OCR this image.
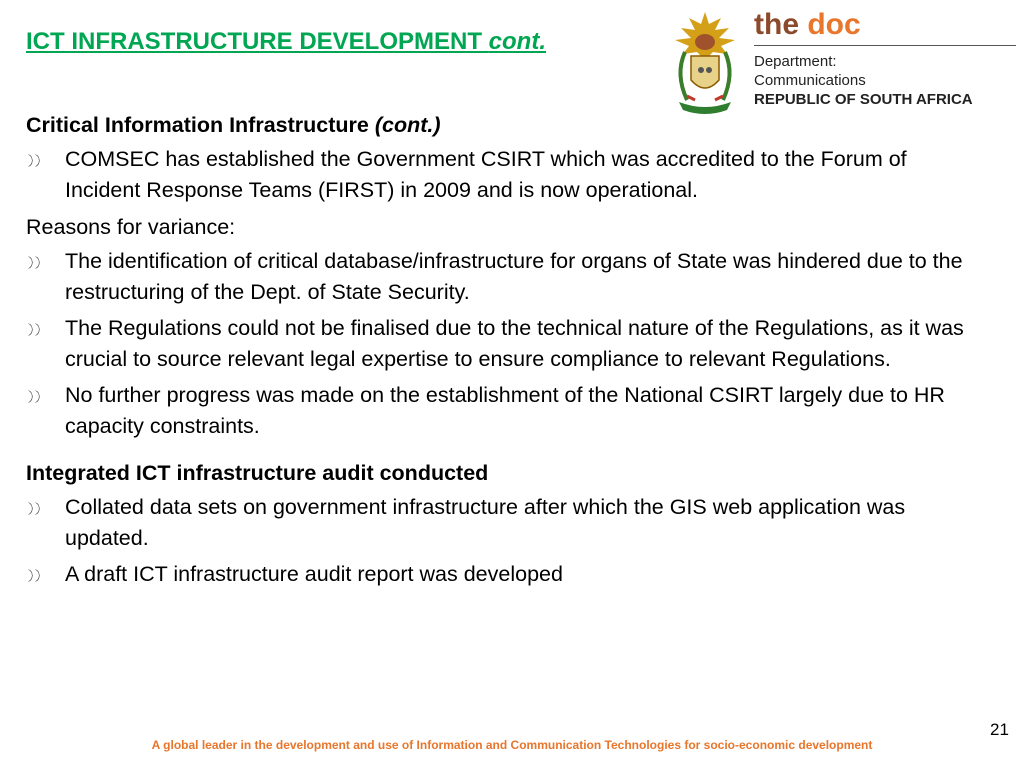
ICT INFRASTRUCTURE DEVELOPMENT cont.
the doc
Department:
Communications
REPUBLIC OF SOUTH AFRICA
Critical Information Infrastructure (cont.)
COMSEC has established the Government CSIRT which was accredited to the Forum of Incident Response Teams (FIRST) in 2009 and is now operational.
Reasons for variance:
The identification of critical database/infrastructure for organs of State was hindered due to the restructuring of the Dept. of State Security.
The Regulations could not be finalised due to the technical nature of the Regulations, as it was crucial to source relevant legal expertise to ensure compliance to relevant Regulations.
No further progress was made on the establishment of the National CSIRT largely due to HR capacity constraints.
Integrated ICT infrastructure audit conducted
Collated data sets on government infrastructure after which the GIS web application was updated.
A draft ICT infrastructure audit report was developed
21
A global leader in the development and use of Information and Communication Technologies for socio-economic development
